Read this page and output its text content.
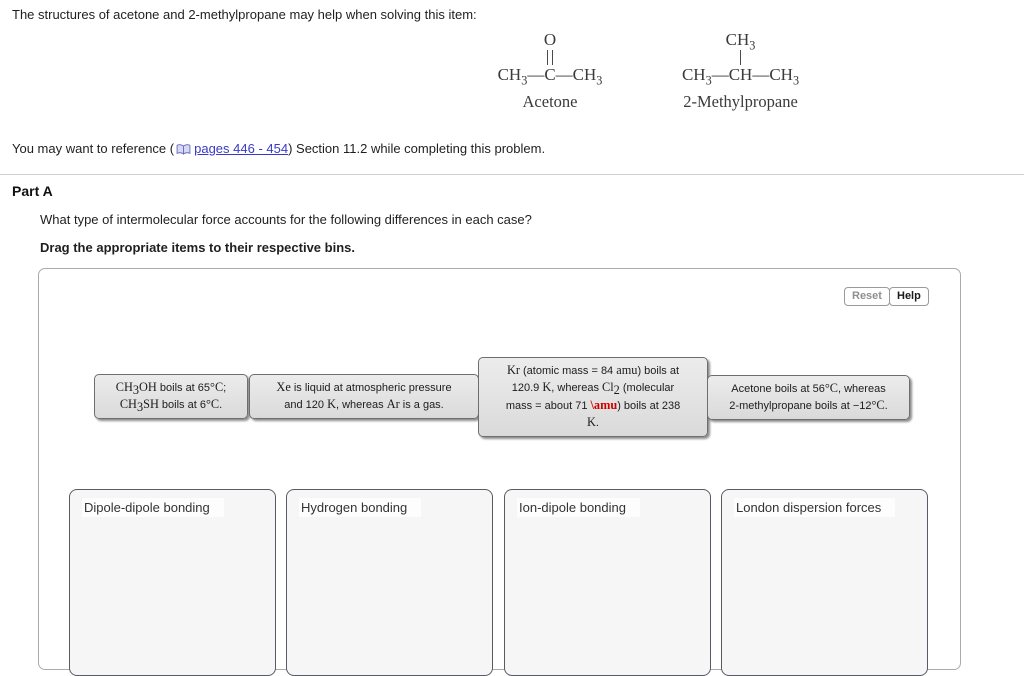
The structures of acetone and 2-methylpropane may help when solving this item:
O
$CH_3—C—CH_3$
Acetone
$CH_3$
$CH_3—CH—CH_3$
2-Methylpropane
You may want to reference ( pages 446 - 454) Section 11.2 while completing this problem.
Part A
What type of intermolecular force accounts for the following differences in each case?
Drag the appropriate items to their respective bins.
Reset	Help
$CH_3OH$ boils at 65°C;
$CH_3SH$ boils at 6°C.
Xe is liquid at atmospheric pressure
and 120 K, whereas Ar is a gas.
Kr (atomic mass = 84 amu) boils at
120.9 K, whereas $Cl_2$ (molecular
mass = about 71 \amu) boils at 238
K.
Acetone boils at 56°C, whereas
2-methylpropane boils at −12°C.
Dipole-dipole bonding	Hydrogen bonding	Ion-dipole bonding	London dispersion forces
